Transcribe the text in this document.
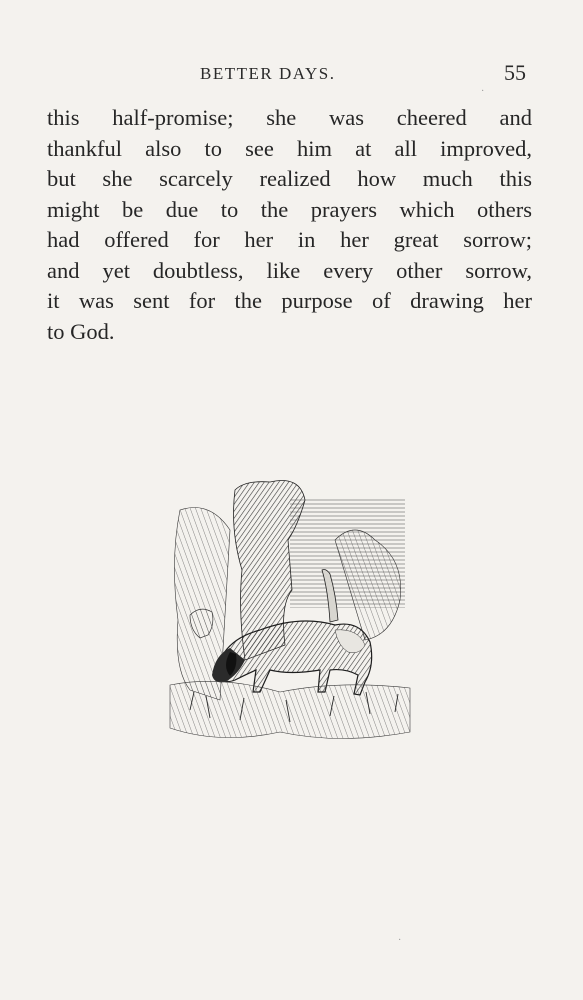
BETTER DAYS.	55
this half-promise; she was cheered and
thankful also to see him at all improved,
but she scarcely realized how much this
might be due to the prayers which others
had offered for her in her great sorrow;
and yet doubtless, like every other sorrow,
it was sent for the purpose of drawing her
to God.
·
·
